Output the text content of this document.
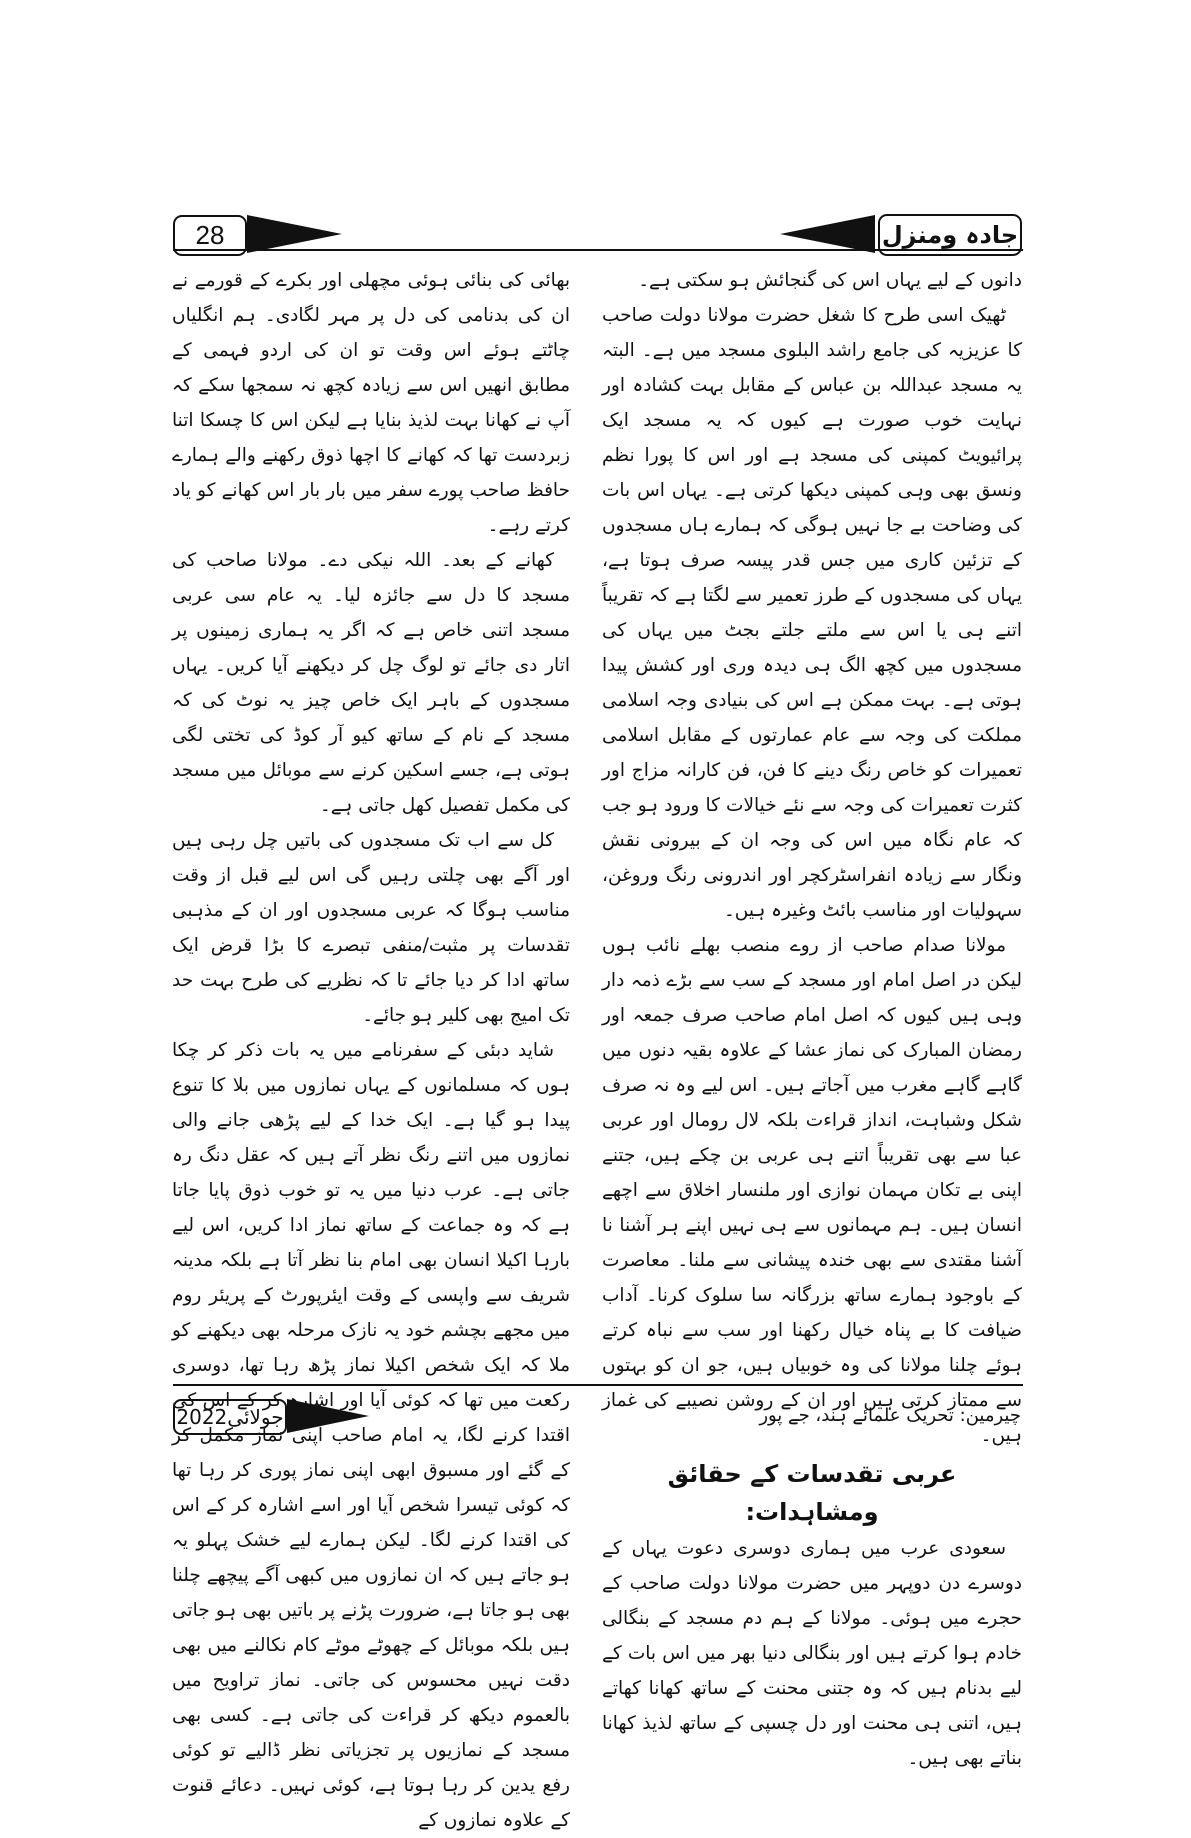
28	جادہ ومنزل

دانوں کے لیے یہاں اس کی گنجائش ہو سکتی ہے۔

ٹھیک اسی طرح کا شغل حضرت مولانا دولت صاحب کا عزیزیہ کی جامع راشد البلوی مسجد میں ہے۔ البتہ یہ مسجد عبداللہ بن عباس کے مقابل بہت کشادہ اور نہایت خوب صورت ہے کیوں کہ یہ مسجد ایک پرائیویٹ کمپنی کی مسجد ہے اور اس کا پورا نظم ونسق بھی وہی کمپنی دیکھا کرتی ہے۔ یہاں اس بات کی وضاحت بے جا نہیں ہوگی کہ ہمارے ہاں مسجدوں کے تزئین کاری میں جس قدر پیسہ صرف ہوتا ہے، یہاں کی مسجدوں کے طرز تعمیر سے لگتا ہے کہ تقریباً اتنے ہی یا اس سے ملتے جلتے بجٹ میں یہاں کی مسجدوں میں کچھ الگ ہی دیدہ وری اور کشش پیدا ہوتی ہے۔ بہت ممکن ہے اس کی بنیادی وجہ اسلامی مملکت کی وجہ سے عام عمارتوں کے مقابل اسلامی تعمیرات کو خاص رنگ دینے کا فن، فن کارانہ مزاج اور کثرت تعمیرات کی وجہ سے نئے خیالات کا ورود ہو جب کہ عام نگاہ میں اس کی وجہ ان کے بیرونی نقش ونگار سے زیادہ انفراسٹرکچر اور اندرونی رنگ وروغن، سہولیات اور مناسب بائٹ وغیرہ ہیں۔

مولانا صدام صاحب از روے منصب بھلے نائب ہوں لیکن در اصل امام اور مسجد کے سب سے بڑے ذمہ دار وہی ہیں کیوں کہ اصل امام صاحب صرف جمعہ اور رمضان المبارک کی نماز عشا کے علاوہ بقیہ دنوں میں گاہے گاہے مغرب میں آجاتے ہیں۔ اس لیے وہ نہ صرف شکل وشباہت، انداز قراءت بلکہ لال رومال اور عربی عبا سے بھی تقریباً اتنے ہی عربی بن چکے ہیں، جتنے اپنی بے تکان مہمان نوازی اور ملنسار اخلاق سے اچھے انسان ہیں۔ ہم مہمانوں سے ہی نہیں اپنے ہر آشنا نا آشنا مقتدی سے بھی خندہ پیشانی سے ملنا۔ معاصرت کے باوجود ہمارے ساتھ بزرگانہ سا سلوک کرنا۔ آداب ضیافت کا بے پناہ خیال رکھنا اور سب سے نباہ کرتے ہوئے چلنا مولانا کی وہ خوبیاں ہیں، جو ان کو بہتوں سے ممتاز کرتی ہیں اور ان کے روشن نصیبے کی غماز ہیں۔

عربی تقدسات کے حقائق ومشاہدات:

سعودی عرب میں ہماری دوسری دعوت یہاں کے دوسرے دن دوپہر میں حضرت مولانا دولت صاحب کے حجرے میں ہوئی۔ مولانا کے ہم دم مسجد کے بنگالی خادم ہوا کرتے ہیں اور بنگالی دنیا بھر میں اس بات کے لیے بدنام ہیں کہ وہ جتنی محنت کے ساتھ کھانا کھاتے ہیں، اتنی ہی محنت اور دل چسپی کے ساتھ لذیذ کھانا بناتے بھی ہیں۔

بھائی کی بنائی ہوئی مچھلی اور بکرے کے قورمے نے ان کی بدنامی کی دل پر مہر لگادی۔ ہم انگلیاں چاٹتے ہوئے اس وقت تو ان کی اردو فہمی کے مطابق انھیں اس سے زیادہ کچھ نہ سمجھا سکے کہ آپ نے کھانا بہت لذیذ بنایا ہے لیکن اس کا چسکا اتنا زبردست تھا کہ کھانے کا اچھا ذوق رکھنے والے ہمارے حافظ صاحب پورے سفر میں بار بار اس کھانے کو یاد کرتے رہے۔

کھانے کے بعد۔ اللہ نیکی دے۔ مولانا صاحب کی مسجد کا دل سے جائزہ لیا۔ یہ عام سی عربی مسجد اتنی خاص ہے کہ اگر یہ ہماری زمینوں پر اتار دی جائے تو لوگ چل کر دیکھنے آیا کریں۔ یہاں مسجدوں کے باہر ایک خاص چیز یہ نوٹ کی کہ مسجد کے نام کے ساتھ کیو آر کوڈ کی تختی لگی ہوتی ہے، جسے اسکین کرنے سے موبائل میں مسجد کی مکمل تفصیل کھل جاتی ہے۔

کل سے اب تک مسجدوں کی باتیں چل رہی ہیں اور آگے بھی چلتی رہیں گی اس لیے قبل از وقت مناسب ہوگا کہ عربی مسجدوں اور ان کے مذہبی تقدسات پر مثبت/منفی تبصرے کا بڑا قرض ایک ساتھ ادا کر دیا جائے تا کہ نظریے کی طرح بہت حد تک امیج بھی کلیر ہو جائے۔

شاید دبئی کے سفرنامے میں یہ بات ذکر کر چکا ہوں کہ مسلمانوں کے یہاں نمازوں میں بلا کا تنوع پیدا ہو گیا ہے۔ ایک خدا کے لیے پڑھی جانے والی نمازوں میں اتنے رنگ نظر آتے ہیں کہ عقل دنگ رہ جاتی ہے۔ عرب دنیا میں یہ تو خوب ذوق پایا جاتا ہے کہ وہ جماعت کے ساتھ نماز ادا کریں، اس لیے بارہا اکیلا انسان بھی امام بنا نظر آتا ہے بلکہ مدینہ شریف سے واپسی کے وقت ایئرپورٹ کے پریئر روم میں مجھے بچشم خود یہ نازک مرحلہ بھی دیکھنے کو ملا کہ ایک شخص اکیلا نماز پڑھ رہا تھا، دوسری رکعت میں تھا کہ کوئی آیا اور اشارہ کر کے اس کی اقتدا کرنے لگا، یہ امام صاحب اپنی نماز مکمل کر کے گئے اور مسبوق ابھی اپنی نماز پوری کر رہا تھا کہ کوئی تیسرا شخص آیا اور اسے اشارہ کر کے اس کی اقتدا کرنے لگا۔ لیکن ہمارے لیے خشک پہلو یہ ہو جاتے ہیں کہ ان نمازوں میں کبھی آگے پیچھے چلنا بھی ہو جاتا ہے، ضرورت پڑنے پر باتیں بھی ہو جاتی ہیں بلکہ موبائل کے چھوٹے موٹے کام نکالنے میں بھی دقت نہیں محسوس کی جاتی۔ نماز تراویح میں بالعموم دیکھ کر قراءت کی جاتی ہے۔ کسی بھی مسجد کے نمازیوں پر تجزیاتی نظر ڈالیے تو کوئی رفع یدین کر رہا ہوتا ہے، کوئی نہیں۔ دعائے قنوت کے علاوہ نمازوں کے

جولائی2022	چیرمین: تحریک علمائے ہند، جے پور
